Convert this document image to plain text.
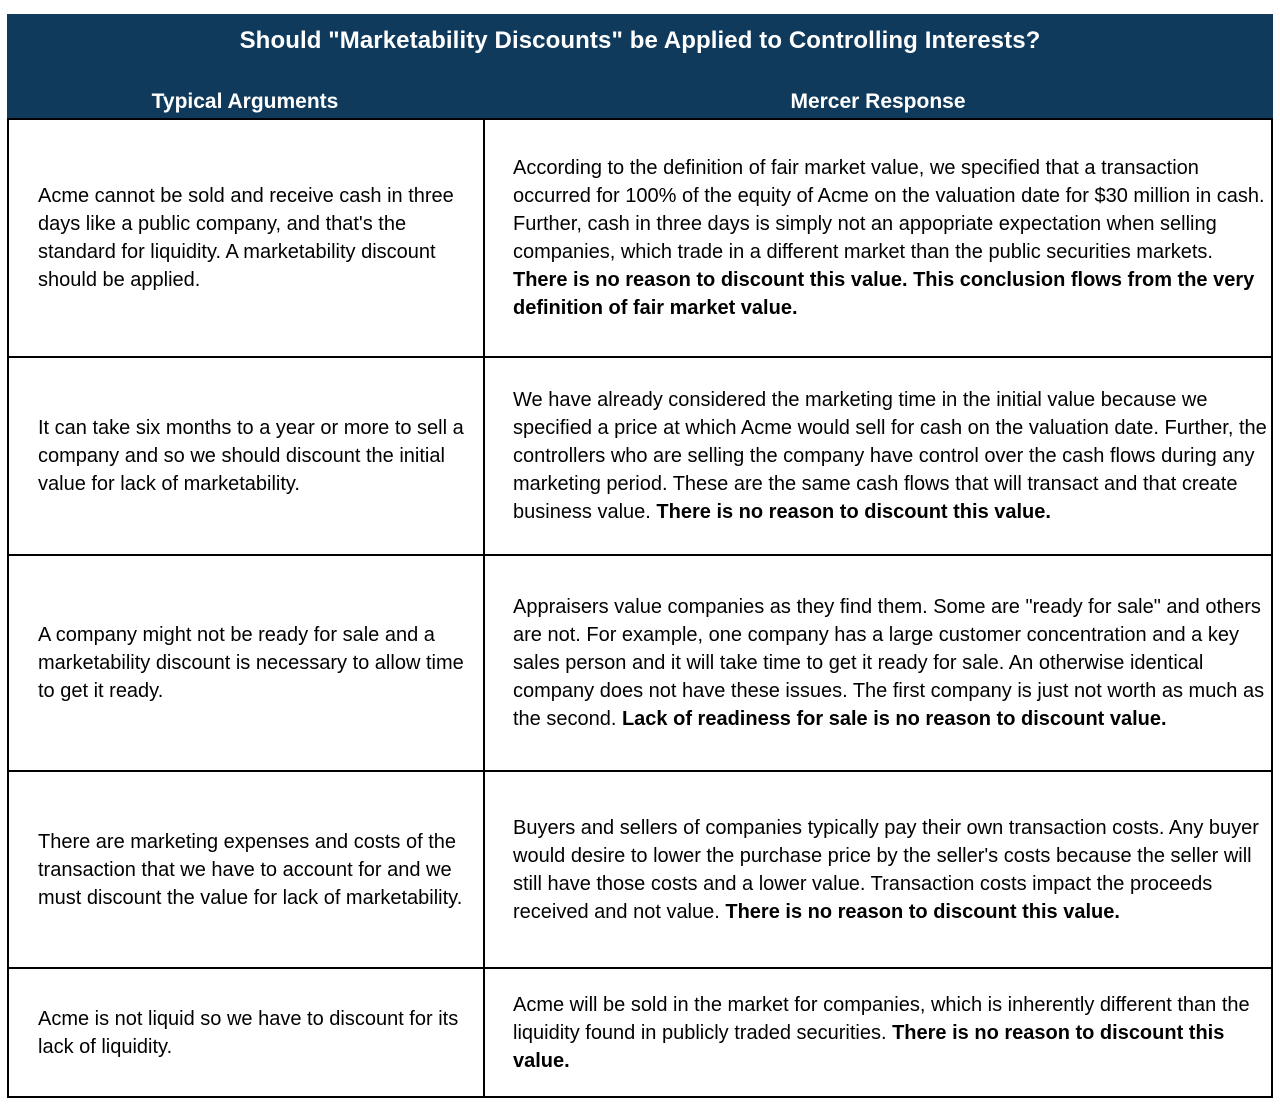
Should "Marketability Discounts" be Applied to Controlling Interests?
Typical Arguments	Mercer Response

Acme cannot be sold and receive cash in three days like a public company, and that's the standard for liquidity. A marketability discount should be applied.

According to the definition of fair market value, we specified that a transaction occurred for 100% of the equity of Acme on the valuation date for $30 million in cash. Further, cash in three days is simply not an appopriate expectation when selling companies, which trade in a different market than the public securities markets. There is no reason to discount this value. This conclusion flows from the very definition of fair market value.

It can take six months to a year or more to sell a company and so we should discount the initial value for lack of marketability.

We have already considered the marketing time in the initial value because we specified a price at which Acme would sell for cash on the valuation date. Further, the controllers who are selling the company have control over the cash flows during any marketing period. These are the same cash flows that will transact and that create business value. There is no reason to discount this value.

A company might not be ready for sale and a marketability discount is necessary to allow time to get it ready.

Appraisers value companies as they find them. Some are "ready for sale" and others are not. For example, one company has a large customer concentration and a key sales person and it will take time to get it ready for sale. An otherwise identical company does not have these issues. The first company is just not worth as much as the second. Lack of readiness for sale is no reason to discount value.

There are marketing expenses and costs of the transaction that we have to account for and we must discount the value for lack of marketability.

Buyers and sellers of companies typically pay their own transaction costs. Any buyer would desire to lower the purchase price by the seller's costs because the seller will still have those costs and a lower value. Transaction costs impact the proceeds received and not value. There is no reason to discount this value.

Acme is not liquid so we have to discount for its lack of liquidity.

Acme will be sold in the market for companies, which is inherently different than the liquidity found in publicly traded securities. There is no reason to discount this value.
